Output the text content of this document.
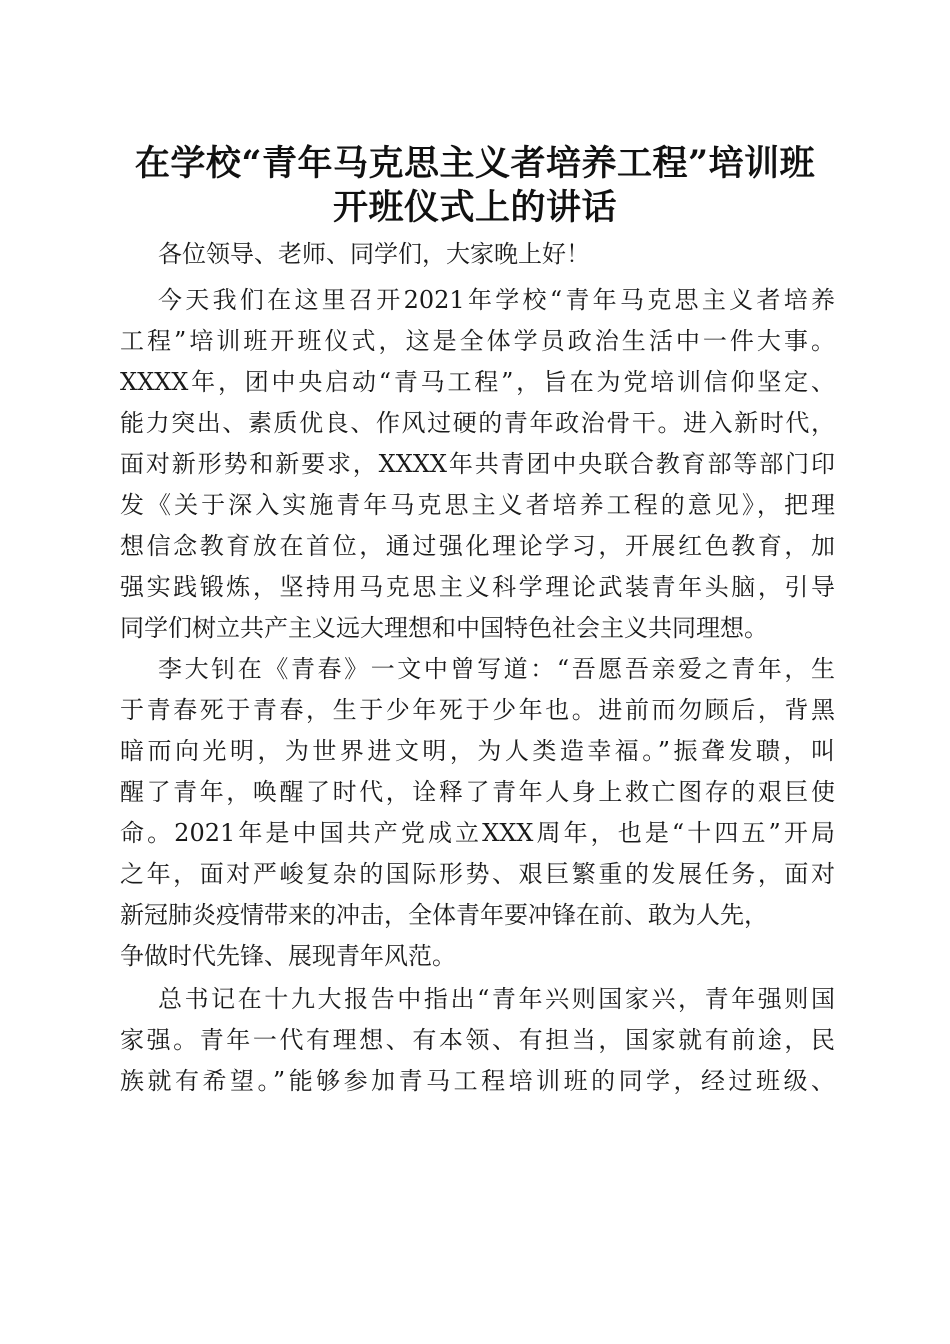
在学校“青年马克思主义者培养工程”培训班
开班仪式上的讲话
各位领导、老师、同学们，大家晚上好！
今天我们在这里召开2021年学校“青年马克思主义者培养
工程”培训班开班仪式，这是全体学员政治生活中一件大事。
XXXX年，团中央启动“青马工程”，旨在为党培训信仰坚定、
能力突出、素质优良、作风过硬的青年政治骨干。进入新时代，
面对新形势和新要求，XXXX年共青团中央联合教育部等部门印
发《关于深入实施青年马克思主义者培养工程的意见》，把理
想信念教育放在首位，通过强化理论学习，开展红色教育，加
强实践锻炼，坚持用马克思主义科学理论武装青年头脑，引导
同学们树立共产主义远大理想和中国特色社会主义共同理想。
李大钊在《青春》一文中曾写道：“吾愿吾亲爱之青年，生
于青春死于青春，生于少年死于少年也。进前而勿顾后，背黑
暗而向光明，为世界进文明，为人类造幸福。”振聋发聩，叫
醒了青年，唤醒了时代，诠释了青年人身上救亡图存的艰巨使
命。2021年是中国共产党成立XXX周年，也是“十四五”开局
之年，面对严峻复杂的国际形势、艰巨繁重的发展任务，面对
新冠肺炎疫情带来的冲击，全体青年要冲锋在前、敢为人先，
争做时代先锋、展现青年风范。
总书记在十九大报告中指出“青年兴则国家兴，青年强则国
家强。青年一代有理想、有本领、有担当，国家就有前途，民
族就有希望。”能够参加青马工程培训班的同学，经过班级、
